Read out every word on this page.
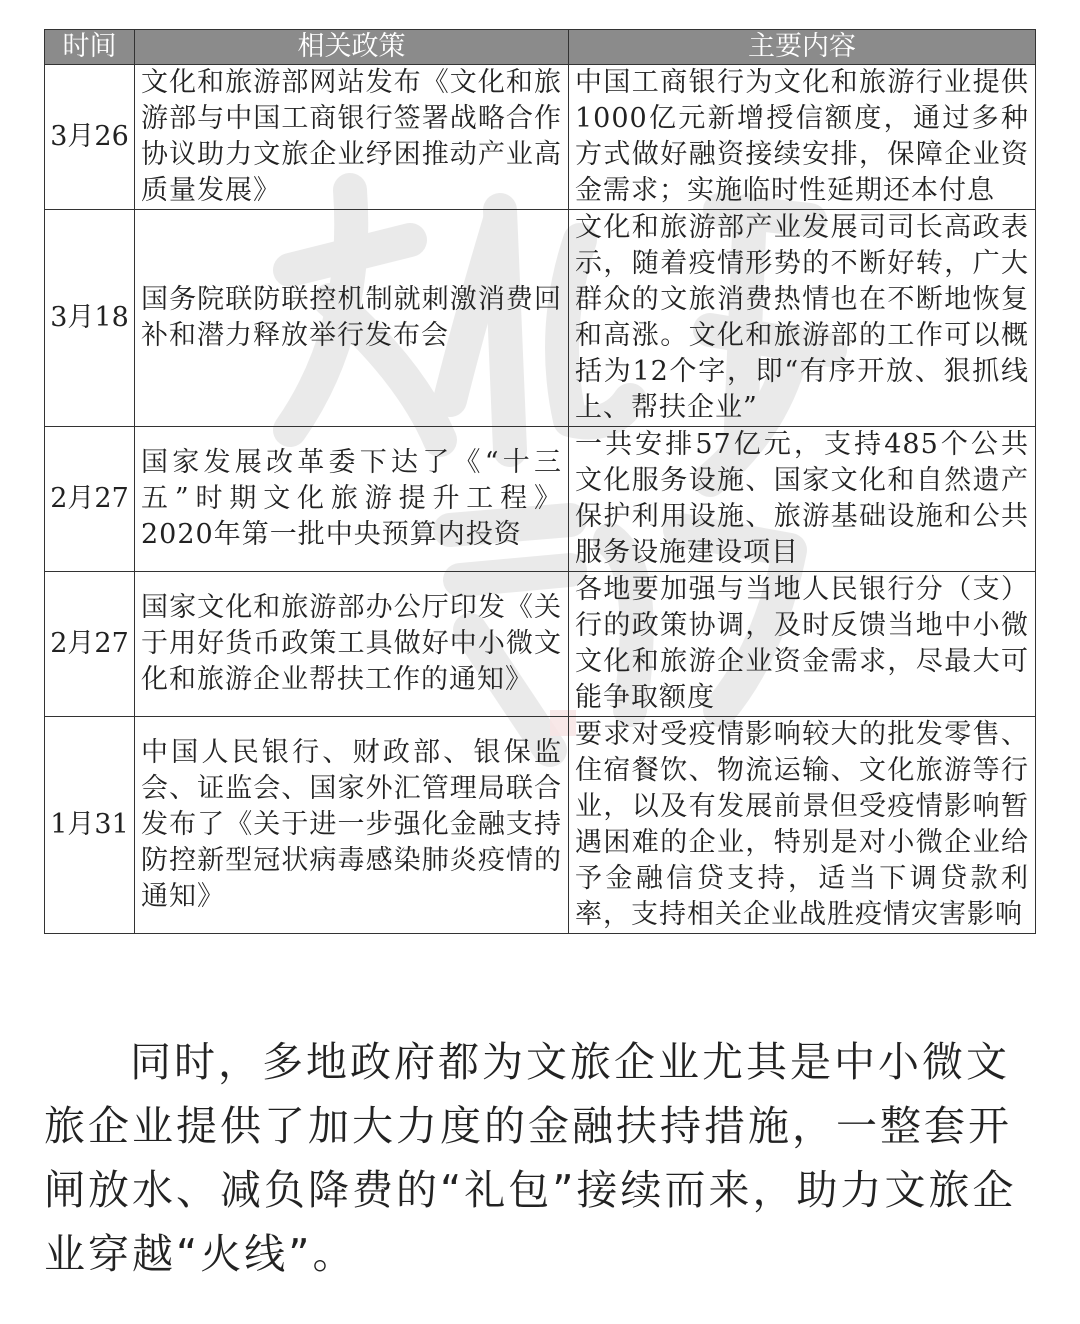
时间	相关政策	主要内容
3月26	文化和旅游部网站发布《文化和旅游部与中国工商银行签署战略合作协议助力文旅企业纾困推动产业高质量发展》	中国工商银行为文化和旅游行业提供1000亿元新增授信额度，通过多种方式做好融资接续安排，保障企业资金需求；实施临时性延期还本付息
3月18	国务院联防联控机制就刺激消费回补和潜力释放举行发布会	文化和旅游部产业发展司司长高政表示，随着疫情形势的不断好转，广大群众的文旅消费热情也在不断地恢复和高涨。文化和旅游部的工作可以概括为12个字，即“有序开放、狠抓线上、帮扶企业”
2月27	国家发展改革委下达了《“十三五”时期文化旅游提升工程》2020年第一批中央预算内投资	一共安排57亿元，支持485个公共文化服务设施、国家文化和自然遗产保护利用设施、旅游基础设施和公共服务设施建设项目
2月27	国家文化和旅游部办公厅印发《关于用好货币政策工具做好中小微文化和旅游企业帮扶工作的通知》	各地要加强与当地人民银行分（支）行的政策协调，及时反馈当地中小微文化和旅游企业资金需求，尽最大可能争取额度
1月31	中国人民银行、财政部、银保监会、证监会、国家外汇管理局联合发布了《关于进一步强化金融支持防控新型冠状病毒感染肺炎疫情的通知》	要求对受疫情影响较大的批发零售、住宿餐饮、物流运输、文化旅游等行业，以及有发展前景但受疫情影响暂遇困难的企业，特别是对小微企业给予金融信贷支持，适当下调贷款利率，支持相关企业战胜疫情灾害影响

同时，多地政府都为文旅企业尤其是中小微文旅企业提供了加大力度的金融扶持措施，一整套开闸放水、减负降费的“礼包”接续而来，助力文旅企业穿越“火线”。
